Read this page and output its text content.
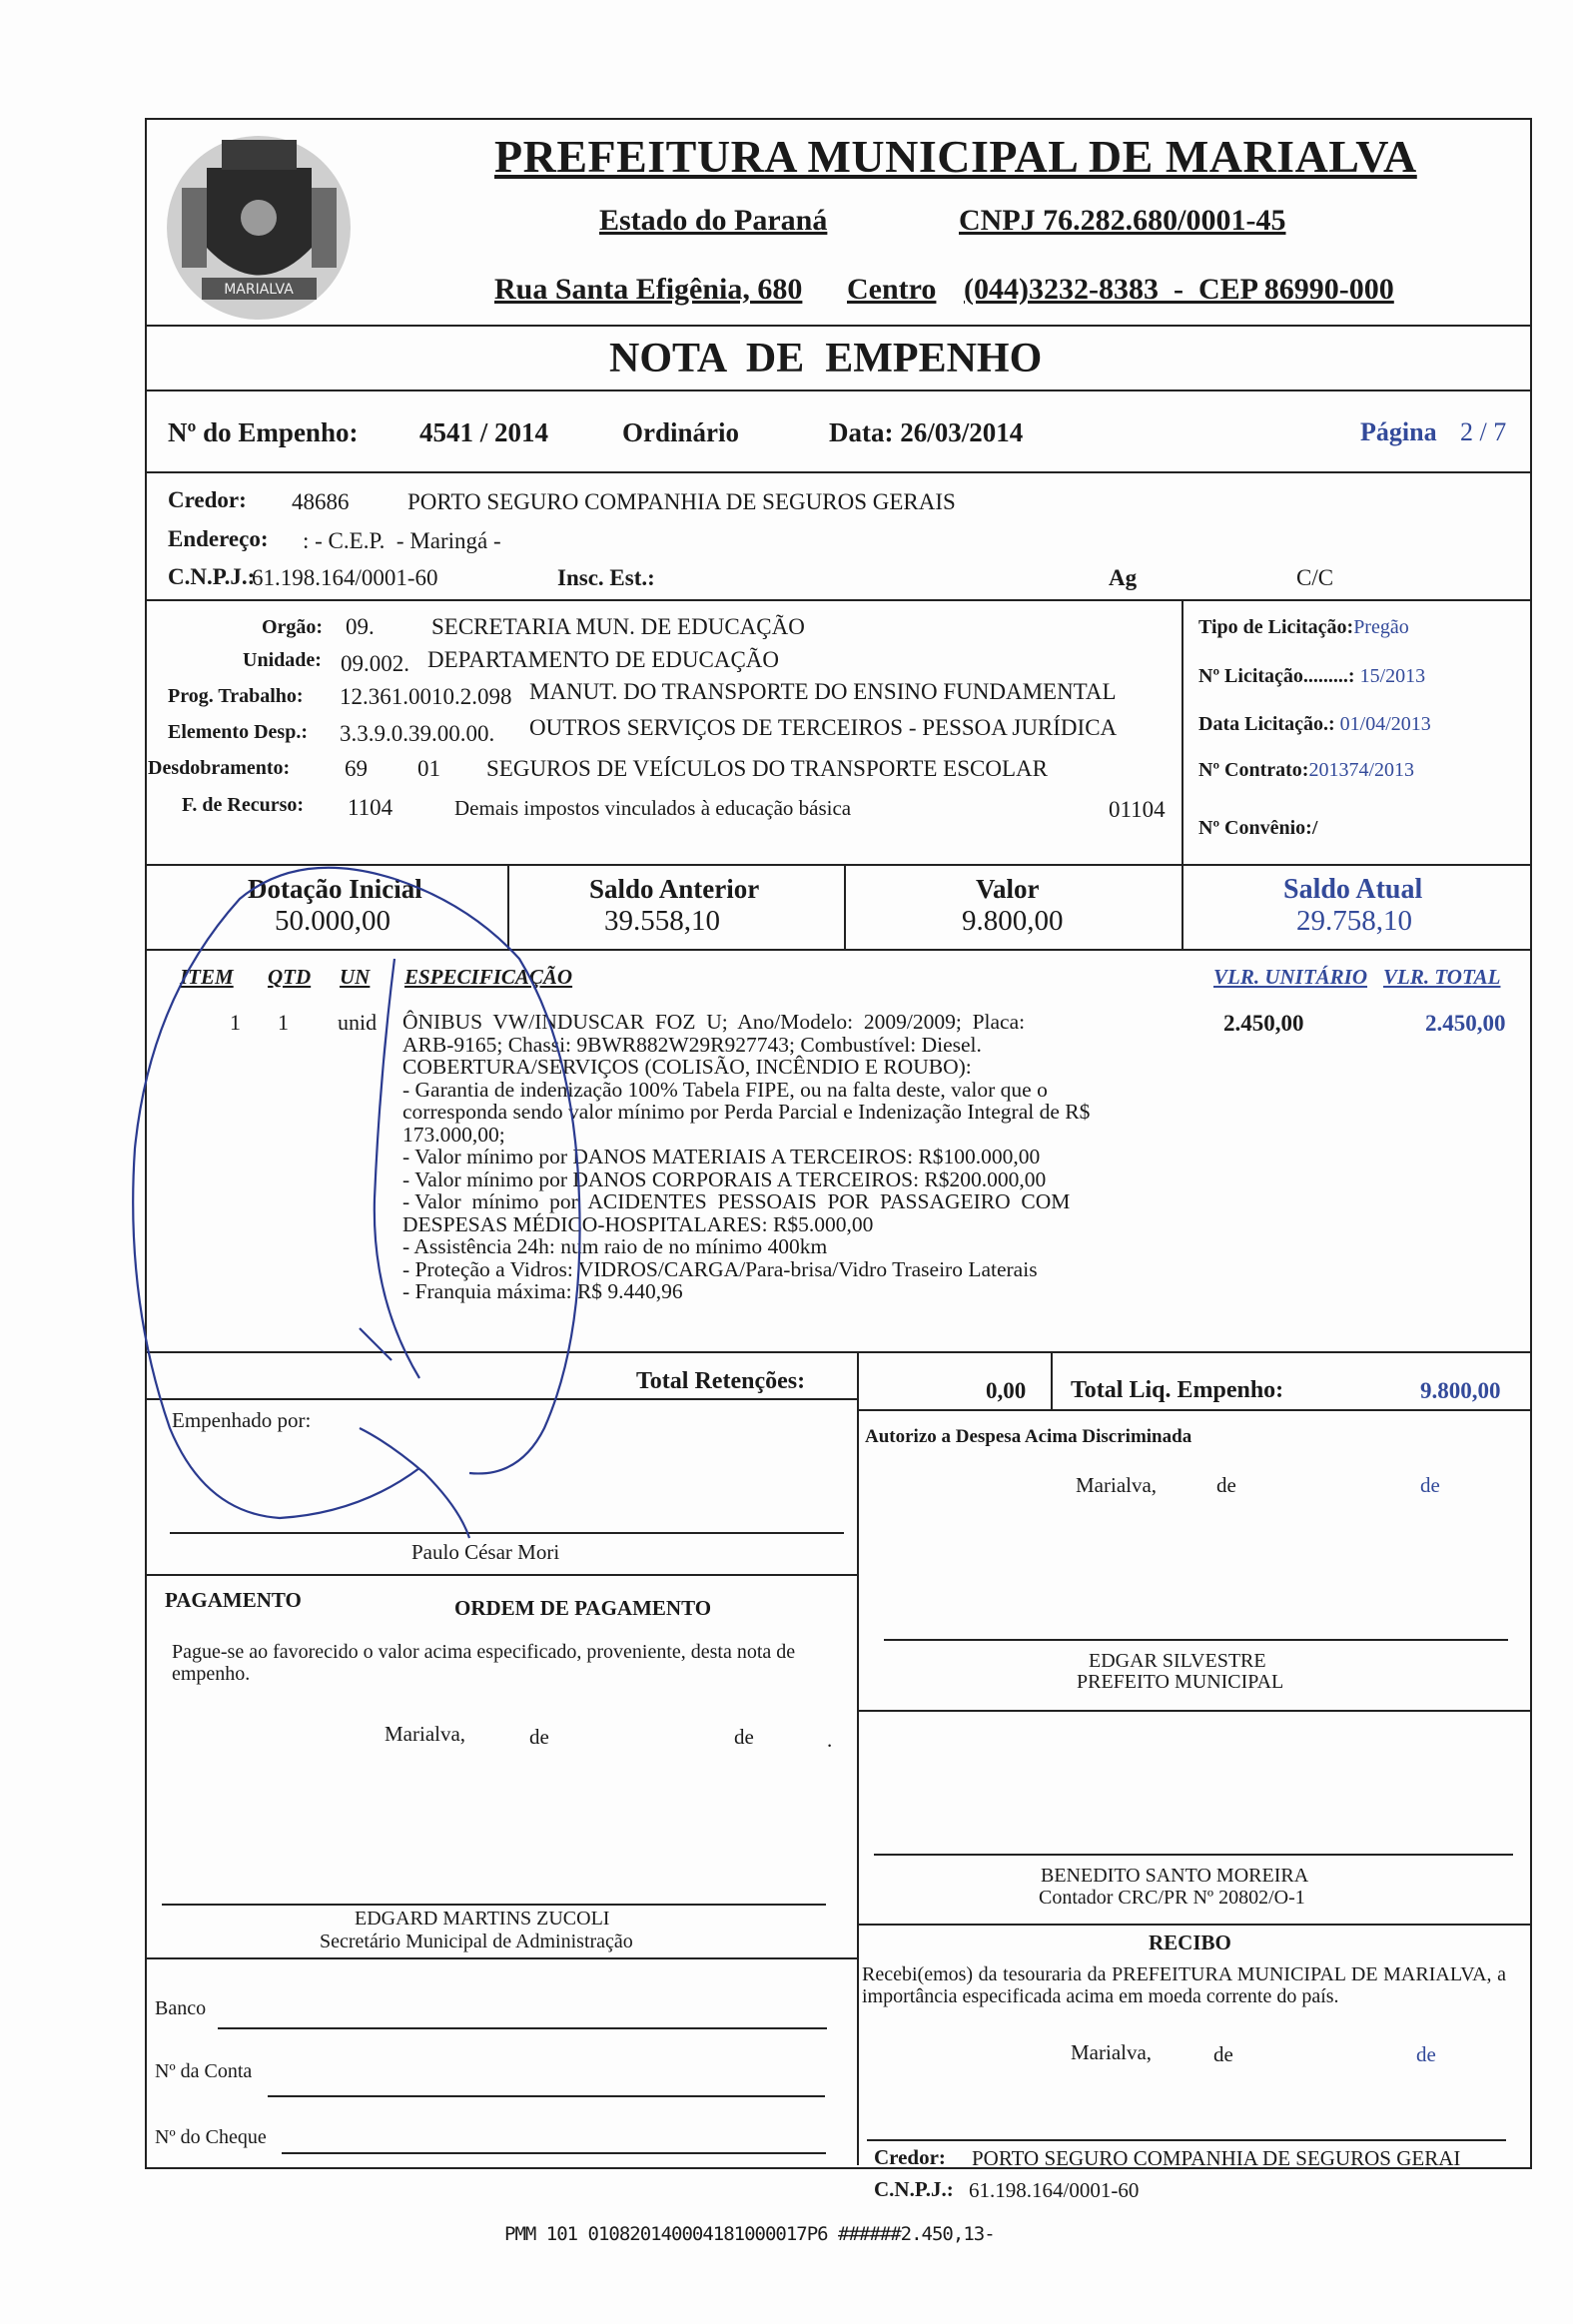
MARIALVA
PREFEITURA MUNICIPAL DE MARIALVA
Estado do Paraná	CNPJ 76.282.680/0001-45
Rua Santa Efigênia, 680 Centro (044)3232-8383  -  CEP 86990-000
NOTA  DE  EMPENHO
Nº do Empenho: 4541 / 2014	Ordinário	Data: 26/03/2014	Página 2 / 7
Credor: 48686	PORTO SEGURO COMPANHIA DE SEGUROS GERAIS
Endereço: : - C.E.P.  - Maringá -
C.N.P.J.:
61.198.164/0001-60	Insc. Est.:	Ag	C/C
Orgão: 09. SECRETARIA MUN. DE EDUCAÇÃO
Unidade: 09.002. DEPARTAMENTO DE EDUCAÇÃO
Prog. Trabalho: 12.361.0010.2.098 MANUT. DO TRANSPORTE DO ENSINO FUNDAMENTAL
Elemento Desp.: 3.3.9.0.39.00.00. OUTROS SERVIÇOS DE TERCEIROS - PESSOA JURÍDICA
Desdobramento: 69 01 SEGUROS DE VEÍCULOS DO TRANSPORTE ESCOLAR
F. de Recurso: 1104	Demais impostos vinculados à educação básica	01104
Tipo de Licitação:Pregão
Nº Licitação.........: 15/2013
Data Licitação.: 01/04/2013
Nº Contrato:201374/2013
Nº Convênio:/
Dotação Inicial
50.000,00
Saldo Anterior
39.558,10
Valor
9.800,00
Saldo Atual
29.758,10
ITEM QTD UN ESPECIFICAÇÃO	VLR. UNITÁRIO VLR. TOTAL
1 1 unid ÔNIBUS  VW/INDUSCAR  FOZ  U;  Ano/Modelo:  2009/2009;  Placa:
ARB-9165; Chassi: 9BWR882W29R927743; Combustível: Diesel.
COBERTURA/SERVIÇOS (COLISÃO, INCÊNDIO E ROUBO):
- Garantia de indenização 100% Tabela FIPE, ou na falta deste, valor que o
corresponda sendo valor mínimo por Perda Parcial e Indenização Integral de R$
173.000,00;
- Valor mínimo por DANOS MATERIAIS A TERCEIROS: R$100.000,00
- Valor mínimo por DANOS CORPORAIS A TERCEIROS: R$200.000,00
- Valor  mínimo  por  ACIDENTES  PESSOAIS  POR  PASSAGEIRO  COM
DESPESAS MÉDICO-HOSPITALARES: R$5.000,00
- Assistência 24h: num raio de no mínimo 400km
- Proteção a Vidros: VIDROS/CARGA/Para-brisa/Vidro Traseiro Laterais
- Franquia máxima: R$ 9.440,96
2.450,00	2.450,00
Total Retenções:	0,00 Total Liq. Empenho:	9.800,00
Empenhado por:
Autorizo a Despesa Acima Discriminada
Marialva,	de	de
Paulo César Mori
PAGAMENTO	ORDEM DE PAGAMENTO
Pague-se ao favorecido o valor acima especificado, proveniente, desta nota de empenho.
Marialva,	de	de	.
EDGAR SILVESTRE
PREFEITO MUNICIPAL
BENEDITO SANTO MOREIRA
Contador CRC/PR Nº 20802/O-1
EDGARD MARTINS ZUCOLI
Secretário Municipal de Administração	RECIBO
Recebi(emos) da tesouraria da PREFEITURA MUNICIPAL DE MARIALVA, a importância especificada acima em moeda corrente do país.
Marialva,	de	de
Banco
Nº da Conta
Nº do Cheque
Credor: PORTO SEGURO COMPANHIA DE SEGUROS GERAI
C.N.P.J.: 61.198.164/0001-60
PMM 101 010820140004181000017P6 ######2.450,13-
